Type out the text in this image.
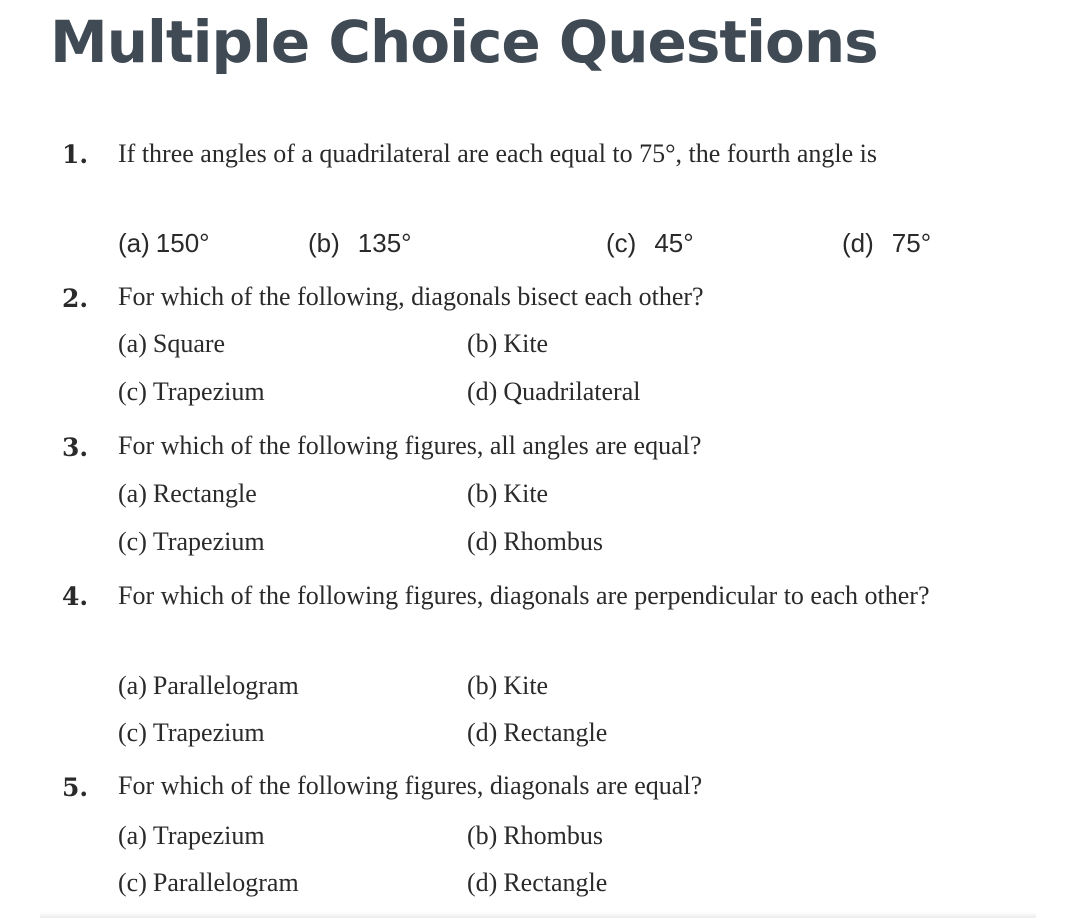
Multiple Choice Questions
1. If three angles of a quadrilateral are each equal to 75°, the fourth angle is
(a) 150°	(b) 135°	(c) 45°	(d) 75°
2. For which of the following, diagonals bisect each other?
(a) Square	(b) Kite
(c) Trapezium	(d) Quadrilateral
3. For which of the following figures, all angles are equal?
(a) Rectangle	(b) Kite
(c) Trapezium	(d) Rhombus
4. For which of the following figures, diagonals are perpendicular to each other?
(a) Parallelogram	(b) Kite
(c) Trapezium	(d) Rectangle
5. For which of the following figures, diagonals are equal?
(a) Trapezium	(b) Rhombus
(c) Parallelogram	(d) Rectangle
